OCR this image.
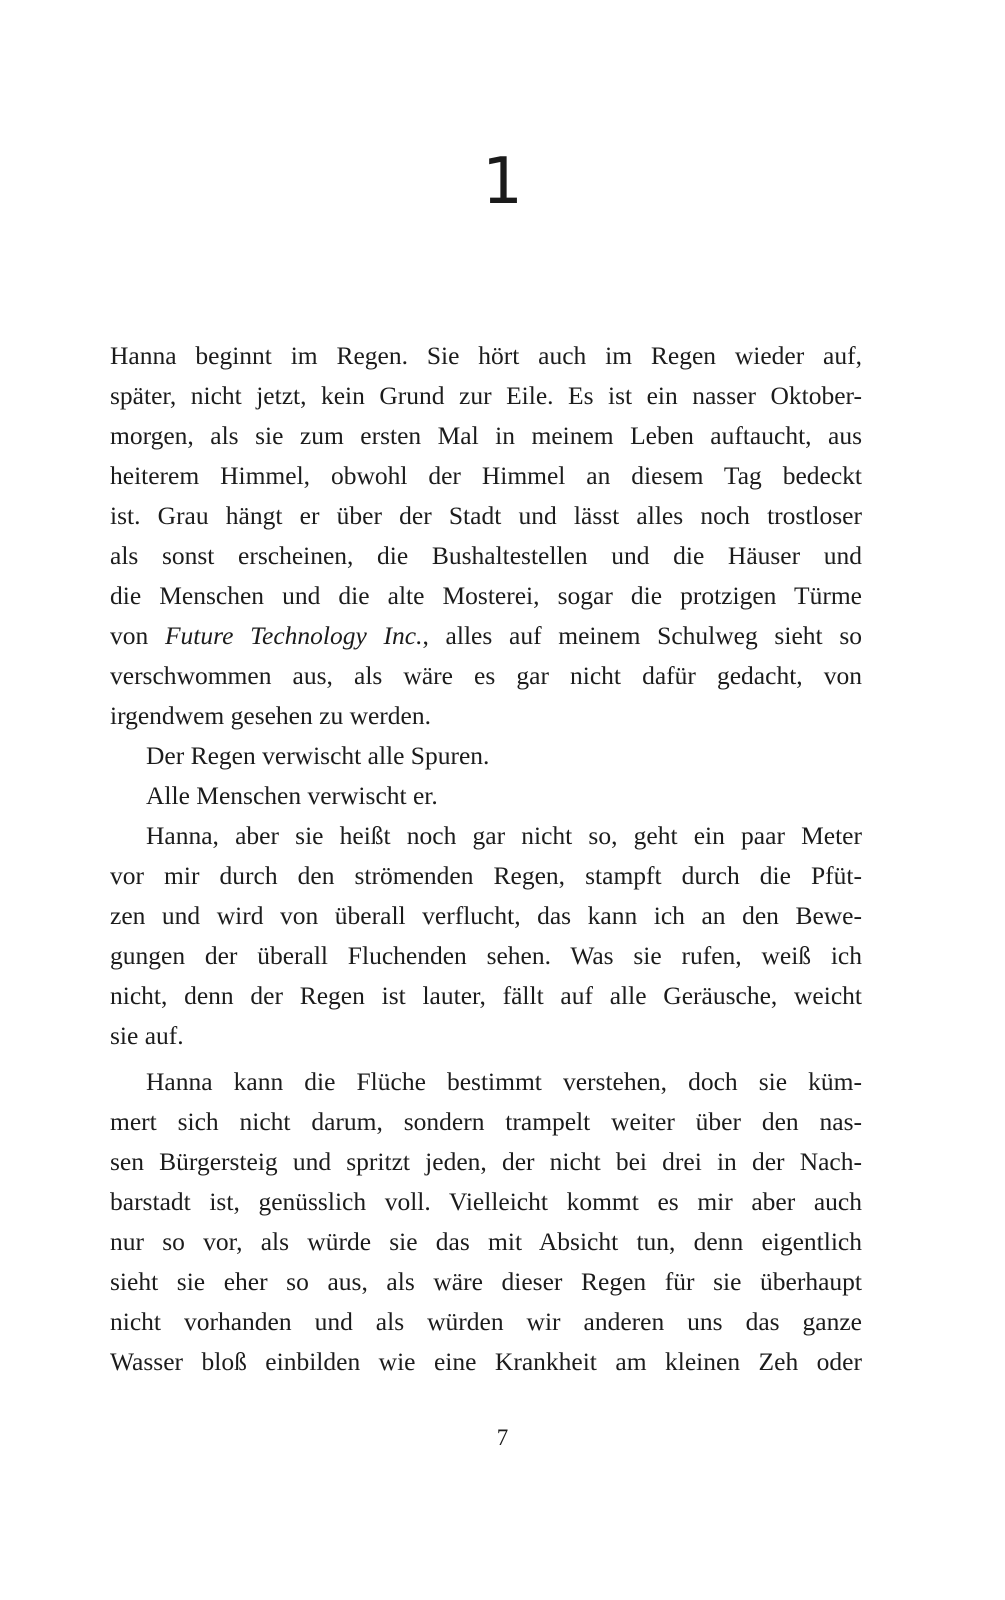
1
Hanna beginnt im Regen. Sie hört auch im Regen wieder auf,
später, nicht jetzt, kein Grund zur Eile. Es ist ein nasser Oktober-
morgen, als sie zum ersten Mal in meinem Leben auftaucht, aus
heiterem Himmel, obwohl der Himmel an diesem Tag bedeckt
ist. Grau hängt er über der Stadt und lässt alles noch trostloser
als sonst erscheinen, die Bushaltestellen und die Häuser und
die Menschen und die alte Mosterei, sogar die protzigen Türme
von Future Technology Inc., alles auf meinem Schulweg sieht so
verschwommen aus, als wäre es gar nicht dafür gedacht, von
irgendwem gesehen zu werden.
Der Regen verwischt alle Spuren.
Alle Menschen verwischt er.
Hanna, aber sie heißt noch gar nicht so, geht ein paar Meter
vor mir durch den strömenden Regen, stampft durch die Pfüt-
zen und wird von überall verflucht, das kann ich an den Bewe-
gungen der überall Fluchenden sehen. Was sie rufen, weiß ich
nicht, denn der Regen ist lauter, fällt auf alle Geräusche, weicht
sie auf.
Hanna kann die Flüche bestimmt verstehen, doch sie küm-
mert sich nicht darum, sondern trampelt weiter über den nas-
sen Bürgersteig und spritzt jeden, der nicht bei drei in der Nach-
barstadt ist, genüsslich voll. Vielleicht kommt es mir aber auch
nur so vor, als würde sie das mit Absicht tun, denn eigentlich
sieht sie eher so aus, als wäre dieser Regen für sie überhaupt
nicht vorhanden und als würden wir anderen uns das ganze
Wasser bloß einbilden wie eine Krankheit am kleinen Zeh oder
7
